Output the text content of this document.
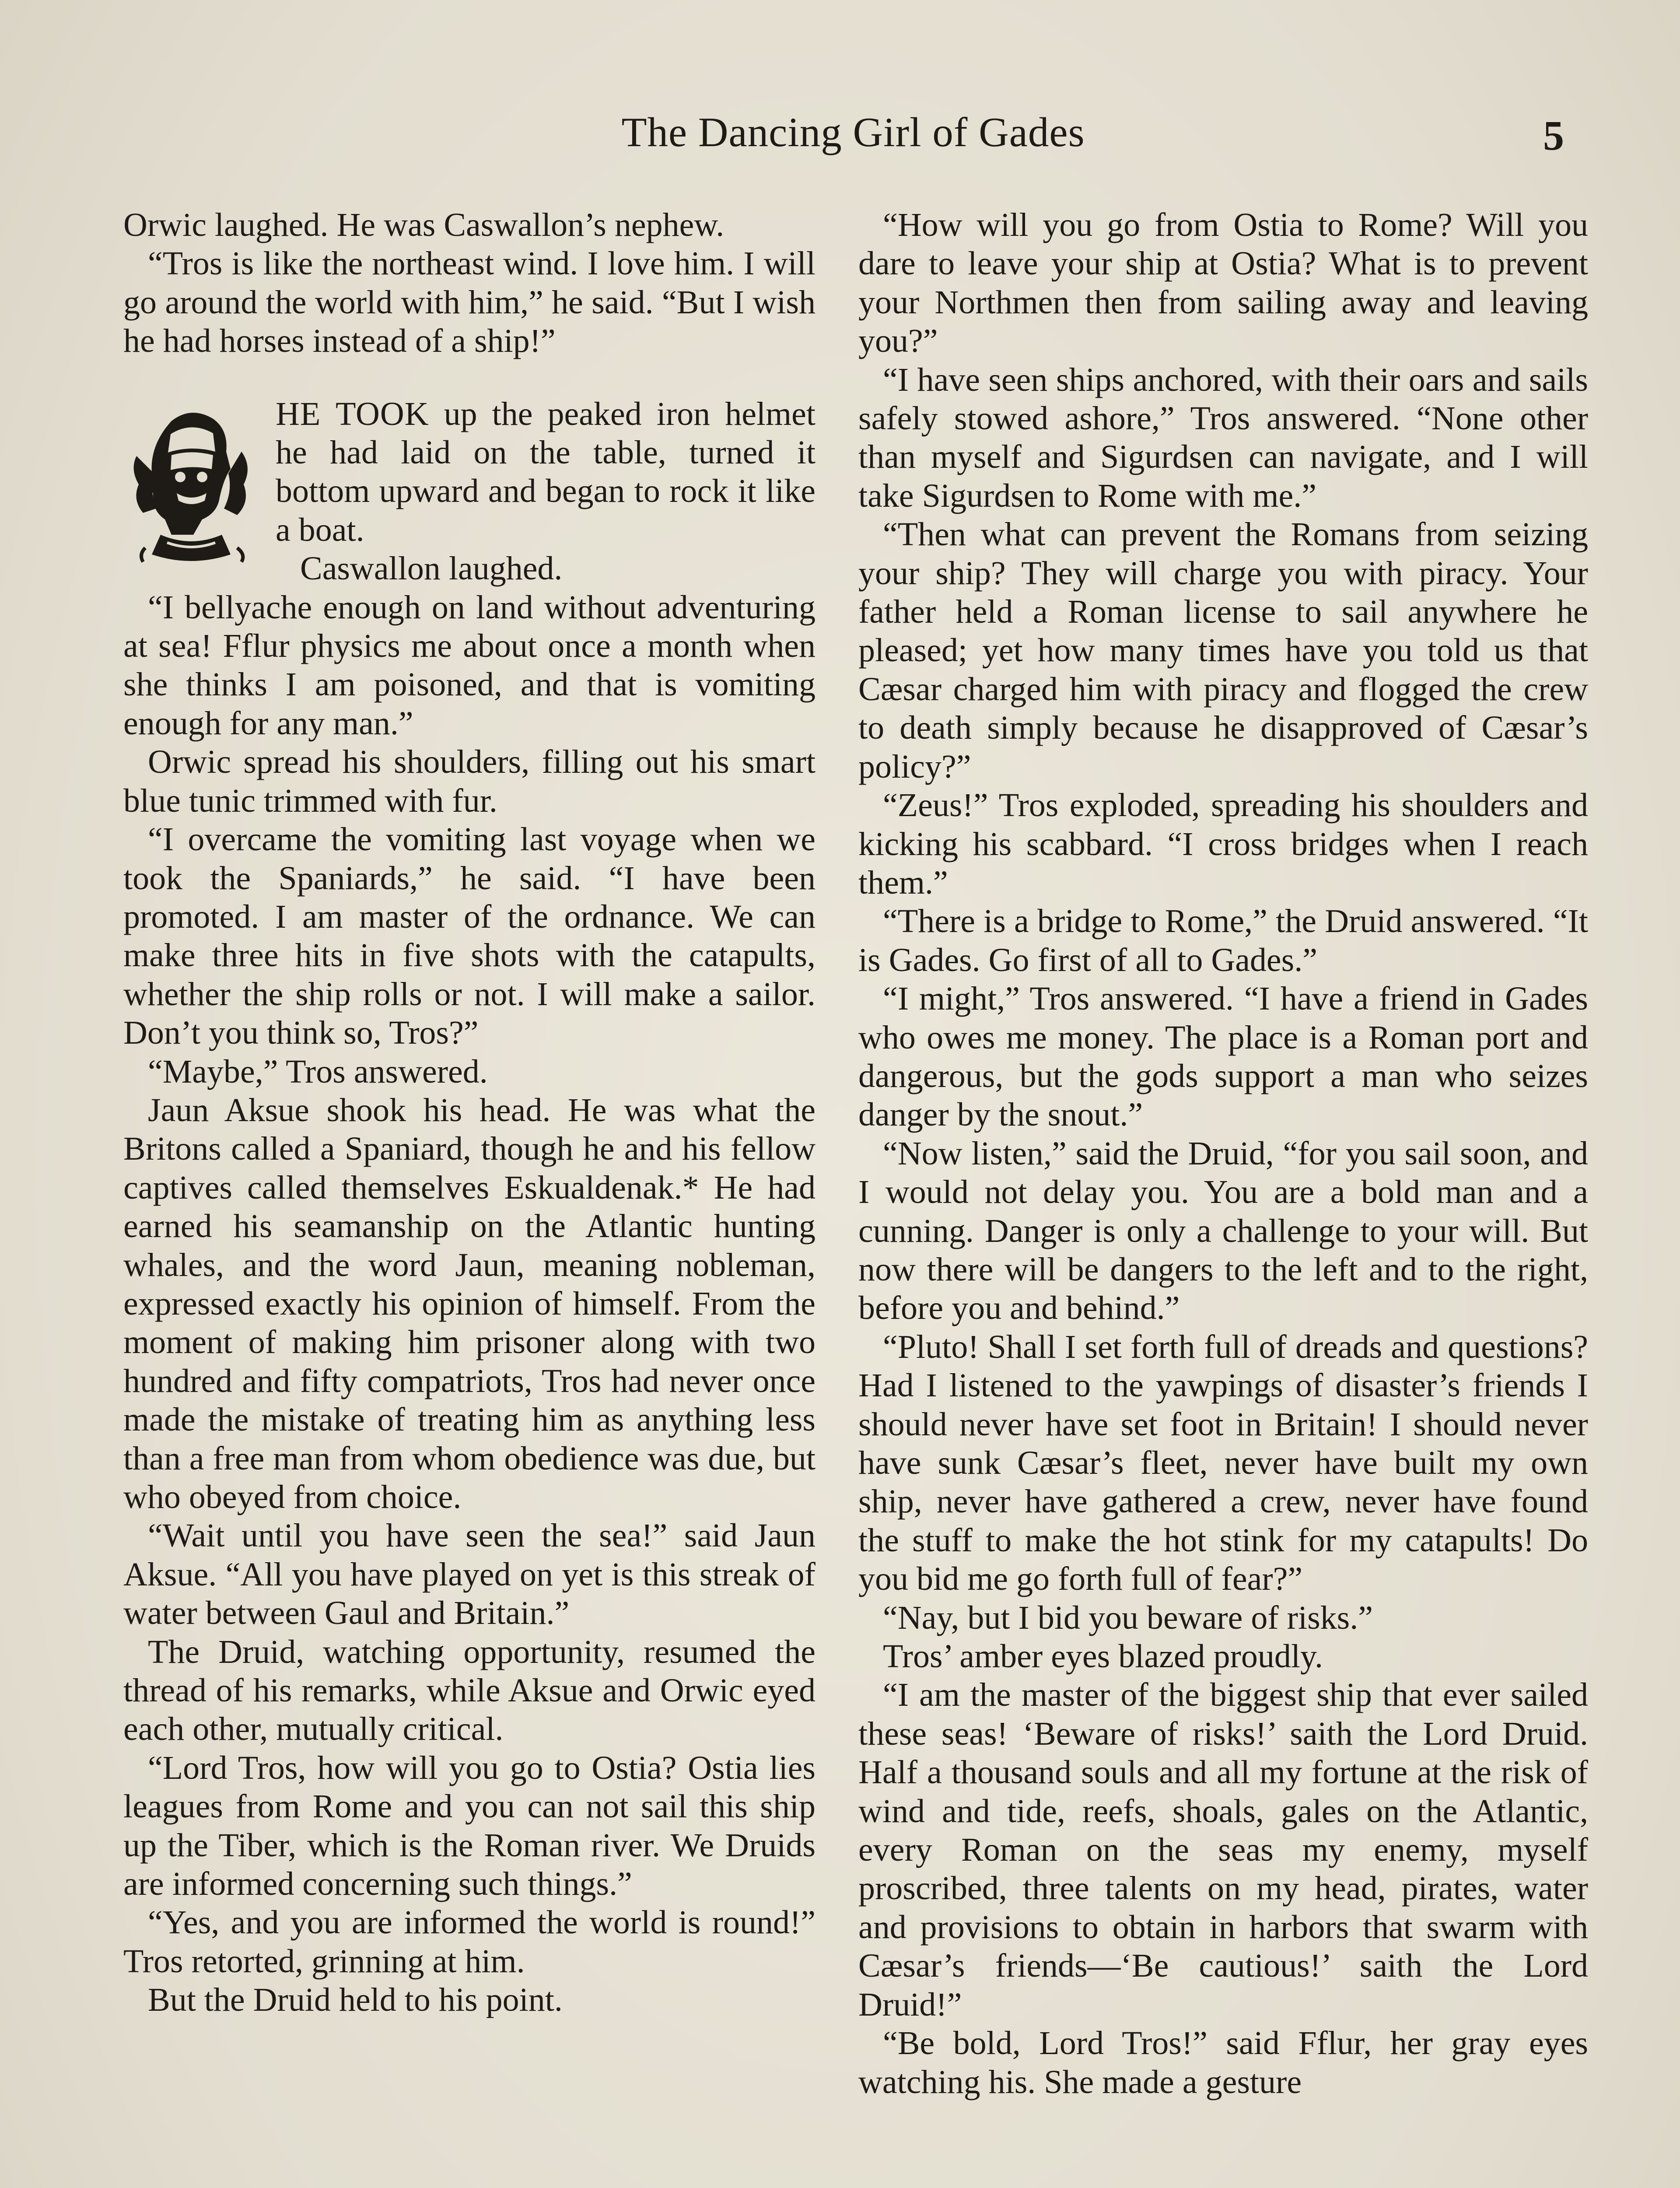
The Dancing Girl of Gades	5

Orwic laughed. He was Caswallon’s nephew.

“Tros is like the northeast wind. I love him. I will go around the world with him,” he said. “But I wish he had horses instead of a ship!”

HE TOOK up the peaked iron helmet he had laid on the table, turned it bottom upward and began to rock it like a boat.

Caswallon laughed.

“I bellyache enough on land without adventuring at sea! Fflur physics me about once a month when she thinks I am poisoned, and that is vomiting enough for any man.”

Orwic spread his shoulders, filling out his smart blue tunic trimmed with fur.

“I overcame the vomiting last voyage when we took the Spaniards,” he said. “I have been promoted. I am master of the ordnance. We can make three hits in five shots with the catapults, whether the ship rolls or not. I will make a sailor. Don’t you think so, Tros?”

“Maybe,” Tros answered.

Jaun Aksue shook his head. He was what the Britons called a Spaniard, though he and his fellow captives called themselves Eskualdenak.* He had earned his seamanship on the Atlantic hunting whales, and the word Jaun, meaning nobleman, expressed exactly his opinion of himself. From the moment of making him prisoner along with two hundred and fifty compatriots, Tros had never once made the mistake of treating him as anything less than a free man from whom obedience was due, but who obeyed from choice.

“Wait until you have seen the sea!” said Jaun Aksue. “All you have played on yet is this streak of water between Gaul and Britain.”

The Druid, watching opportunity, resumed the thread of his remarks, while Aksue and Orwic eyed each other, mutually critical.

“Lord Tros, how will you go to Ostia? Ostia lies leagues from Rome and you can not sail this ship up the Tiber, which is the Roman river. We Druids are informed concerning such things.”

“Yes, and you are informed the world is round!” Tros retorted, grinning at him.

But the Druid held to his point.

“How will you go from Ostia to Rome? Will you dare to leave your ship at Ostia? What is to prevent your Northmen then from sailing away and leaving you?”

“I have seen ships anchored, with their oars and sails safely stowed ashore,” Tros answered. “None other than myself and Sigurdsen can navigate, and I will take Sigurdsen to Rome with me.”

“Then what can prevent the Romans from seizing your ship? They will charge you with piracy. Your father held a Roman license to sail anywhere he pleased; yet how many times have you told us that Cæsar charged him with piracy and flogged the crew to death simply because he disapproved of Cæsar’s policy?”

“Zeus!” Tros exploded, spreading his shoulders and kicking his scabbard. “I cross bridges when I reach them.”

“There is a bridge to Rome,” the Druid answered. “It is Gades. Go first of all to Gades.”

“I might,” Tros answered. “I have a friend in Gades who owes me money. The place is a Roman port and dangerous, but the gods support a man who seizes danger by the snout.”

“Now listen,” said the Druid, “for you sail soon, and I would not delay you. You are a bold man and a cunning. Danger is only a challenge to your will. But now there will be dangers to the left and to the right, before you and behind.”

“Pluto! Shall I set forth full of dreads and questions? Had I listened to the yawpings of disaster’s friends I should never have set foot in Britain! I should never have sunk Cæsar’s fleet, never have built my own ship, never have gathered a crew, never have found the stuff to make the hot stink for my catapults! Do you bid me go forth full of fear?”

“Nay, but I bid you beware of risks.”

Tros’ amber eyes blazed proudly.

“I am the master of the biggest ship that ever sailed these seas! ‘Beware of risks!’ saith the Lord Druid. Half a thousand souls and all my fortune at the risk of wind and tide, reefs, shoals, gales on the Atlantic, every Roman on the seas my enemy, myself proscribed, three talents on my head, pirates, water and provisions to obtain in harbors that swarm with Cæsar’s friends—‘Be cautious!’ saith the Lord Druid!”

“Be bold, Lord Tros!” said Fflur, her gray eyes watching his. She made a gesture
